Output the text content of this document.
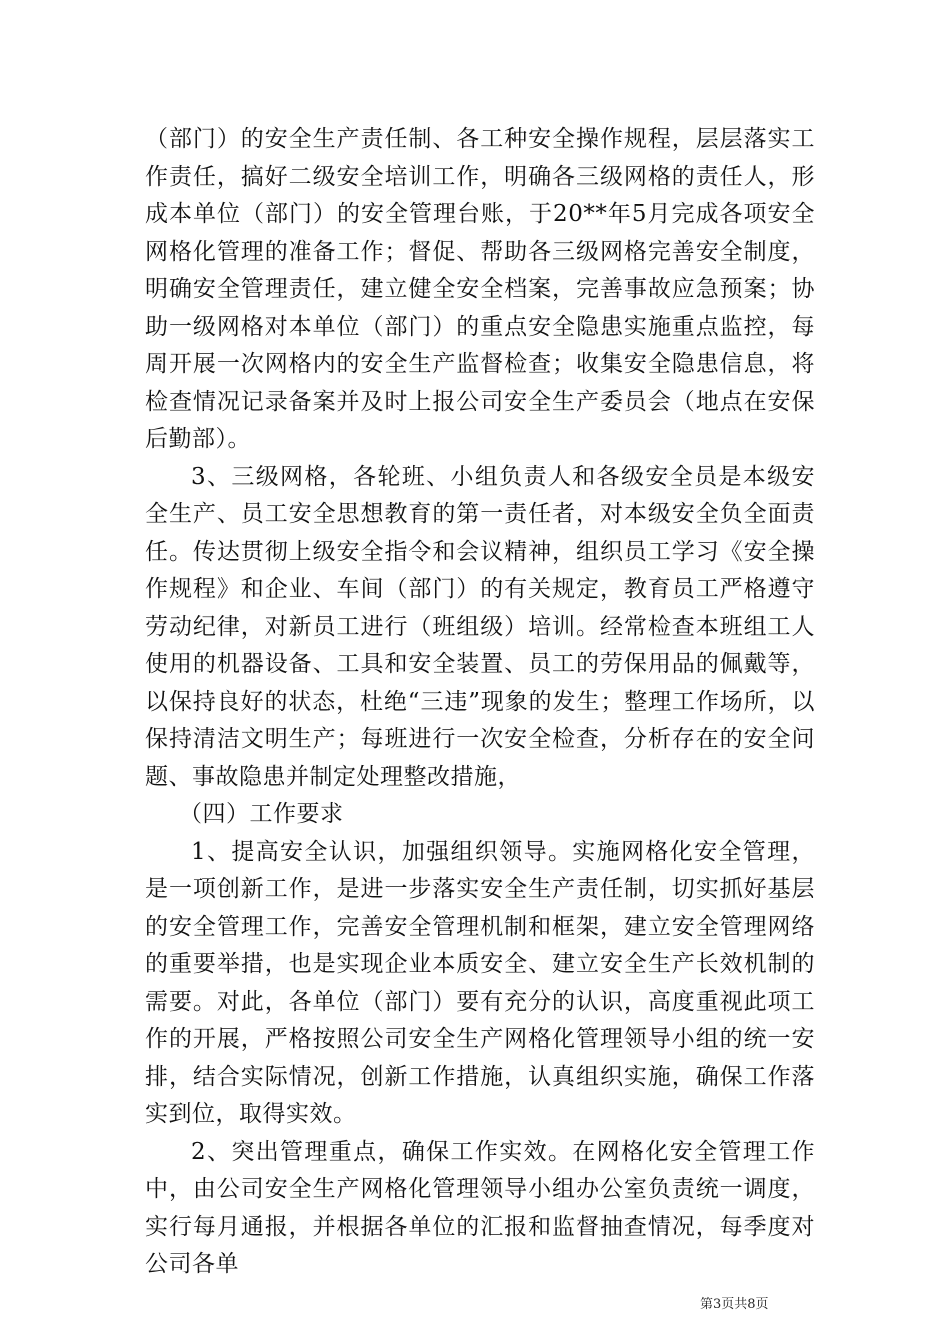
（部门）的安全生产责任制、各工种安全操作规程，层层落实工作责任，搞好二级安全培训工作，明确各三级网格的责任人，形成本单位（部门）的安全管理台账，于20**年5月完成各项安全网格化管理的准备工作；督促、帮助各三级网格完善安全制度，明确安全管理责任，建立健全安全档案，完善事故应急预案；协助一级网格对本单位（部门）的重点安全隐患实施重点监控，每周开展一次网格内的安全生产监督检查；收集安全隐患信息，将检查情况记录备案并及时上报公司安全生产委员会（地点在安保后勤部）。

3、三级网格，各轮班、小组负责人和各级安全员是本级安全生产、员工安全思想教育的第一责任者，对本级安全负全面责任。传达贯彻上级安全指令和会议精神，组织员工学习《安全操作规程》和企业、车间（部门）的有关规定，教育员工严格遵守劳动纪律，对新员工进行（班组级）培训。经常检查本班组工人使用的机器设备、工具和安全装置、员工的劳保用品的佩戴等，以保持良好的状态，杜绝“三违”现象的发生；整理工作场所，以保持清洁文明生产；每班进行一次安全检查，分析存在的安全问题、事故隐患并制定处理整改措施，

（四）工作要求

1、提高安全认识，加强组织领导。实施网格化安全管理，是一项创新工作，是进一步落实安全生产责任制，切实抓好基层的安全管理工作，完善安全管理机制和框架，建立安全管理网络的重要举措，也是实现企业本质安全、建立安全生产长效机制的需要。对此，各单位（部门）要有充分的认识，高度重视此项工作的开展，严格按照公司安全生产网格化管理领导小组的统一安排，结合实际情况，创新工作措施，认真组织实施，确保工作落实到位，取得实效。

2、突出管理重点，确保工作实效。在网格化安全管理工作中，由公司安全生产网格化管理领导小组办公室负责统一调度，实行每月通报，并根据各单位的汇报和监督抽查情况，每季度对公司各单

第3页共8页
